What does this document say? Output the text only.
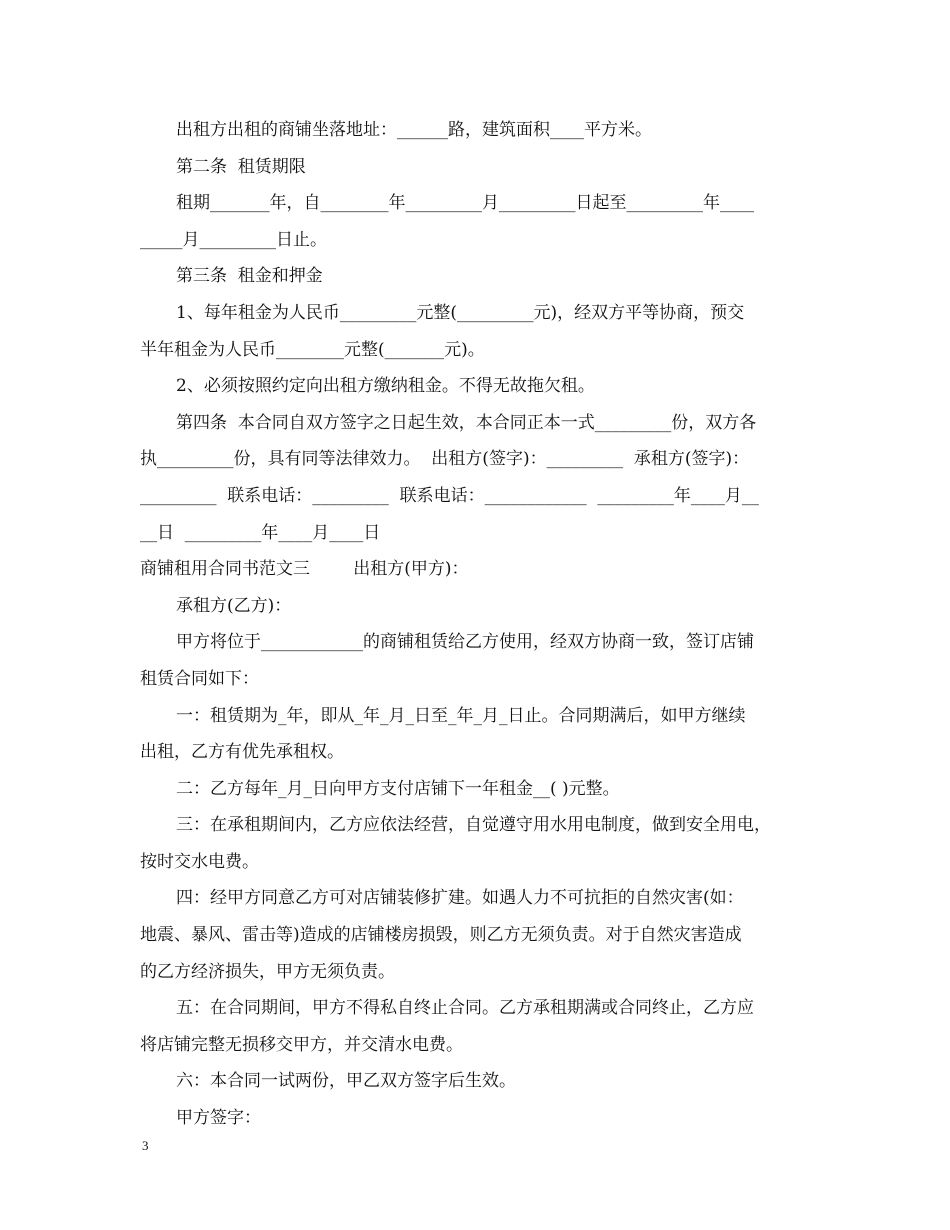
出租方出租的商铺坐落地址：______路，建筑面积____平方米。
第二条  租赁期限
租期_______年，自________年_________月_________日起至_________年____
_____月_________日止。
第三条  租金和押金
1、每年租金为人民币_________元整(_________元)，经双方平等协商，预交
半年租金为人民币________元整(_______元)。
2、必须按照约定向出租方缴纳租金。不得无故拖欠租。
第四条  本合同自双方签字之日起生效，本合同正本一式_________份，双方各
执_________份，具有同等法律效力。  出租方(签字)：_________  承租方(签字)：
_________  联系电话：_________  联系电话：____________  _________年____月__
__日  _________年____月____日
商铺租用合同书范文三        出租方(甲方)：
承租方(乙方)：
甲方将位于____________的商铺租赁给乙方使用，经双方协商一致，签订店铺
租赁合同如下：
一：租赁期为_年，即从_年_月_日至_年_月_日止。合同期满后，如甲方继续
出租，乙方有优先承租权。
二：乙方每年_月_日向甲方支付店铺下一年租金__( )元整。
三：在承租期间内，乙方应依法经营，自觉遵守用水用电制度，做到安全用电，
按时交水电费。
四：经甲方同意乙方可对店铺装修扩建。如遇人力不可抗拒的自然灾害(如：
地震、暴风、雷击等)造成的店铺楼房损毁，则乙方无须负责。对于自然灾害造成
的乙方经济损失，甲方无须负责。
五：在合同期间，甲方不得私自终止合同。乙方承租期满或合同终止，乙方应
将店铺完整无损移交甲方，并交清水电费。
六：本合同一试两份，甲乙双方签字后生效。
甲方签字：
3
